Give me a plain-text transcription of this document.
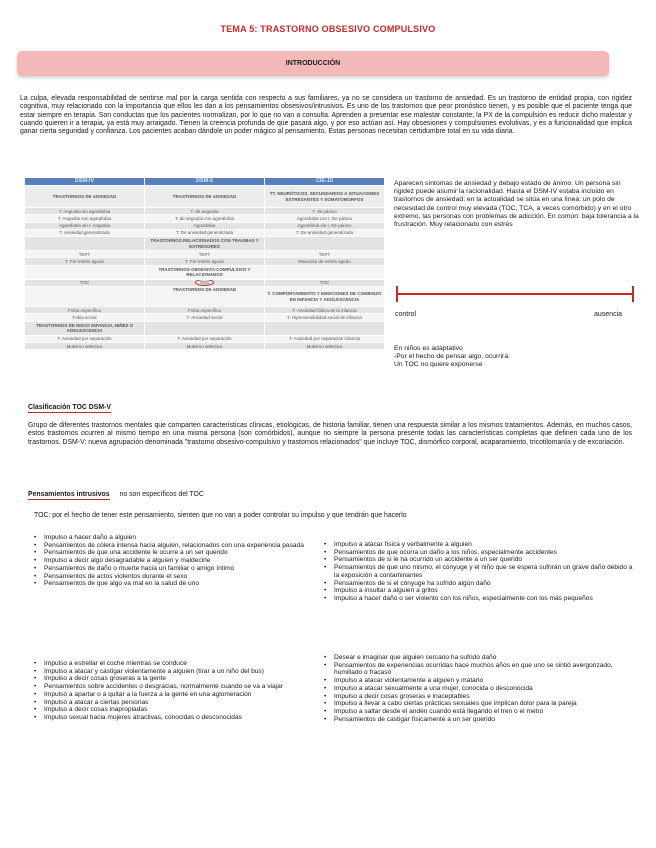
TEMA 5: TRASTORNO OBSESIVO COMPULSIVO
INTRODUCCIÓN
La culpa, elevada responsabilidad de sentirse mal por la carga sentida con respecto a sus familiares, ya no se considera un trastorno de ansiedad. Es un trastorno de entidad propia, con rigidez cognitiva, muy relacionado con la importancia que ellos les dan a los pensamientos obsesivos/intrusivos. Es uno de los trastornos que peor pronóstico tienen, y es posible que el paciente tenga que estar siempre en terapia. Son conductas que los pacientes normalizan, por lo que no van a consulta. Aprenden a presentar ese malestar constante; la PX de la compulsión es reducir dicho malestar y cuando quieren ir a terapia, ya está muy arraigado. Tienen la creencia profunda de que pasará algo, y por eso actúan así. Hay obsesiones y compulsiones evolutivas, y es a funcionalidad que implica ganar cierta seguridad y confianza. Los pacientes acaban dándole un poder mágico al pensamiento. Estas personas necesitan certidumbre total en su vida diaria.
DSM-IV	DSM-5	CIE-10
TRASTORNOS DE ANSIEDAD	TRASTORNOS DE ANSIEDAD	TT. NEURÓTICOS, SECUNDARIOS A SITUACIONES ESTRESANTES Y SOMATOMORFOS
T. Angustia sin agorafobia	T. de angustia	T. de pánico
T. Angustia con agorafobia	T. de angustia con agorafobia	Agorafobia con t. De pánico
Agorafobia sin t. Angustia	Agorafobia	Agorafobia sin t. De pánico
T. Ansiedad generalizada	T. De ansiedad generalizada	T. De ansiedad generalizada
	TRASTORNOS RELACIONADOS CON TRAUMAS Y ESTRESORES	
TEPT	TEPT	TEPT
T. Por estrés agudo	T. Por estrés agudo	Reacción de estrés agudo
	TRASTORNOS OBSESIVO-COMPULSIVO Y RELACIONADOS	
TOC	TOC	TOC
	TRASTORNOS DE ANSIEDAD	T. COMPORTAMIENTO Y EMOCIONES DE COMIENZO EN INFANCIA Y ADOLESCENCIA
Fobia específica	Fobia específica	T. Ansiedad fóbica de la infancia
Fobia social	T. Ansiedad social	T. Hipersensibilidad social de infancia
TRASTORNOS DE INICIO INFANCIA, NIÑEZ O ADOLESCENCIA		
T. Ansiedad por separación	T. Ansiedad por separación	T. Ansiedad por separación infancia
Mutismo selectivo	Mutismo selectivo	Mutismo selectivo
Aparecen síntomas de ansiedad y debajo estado de ánimo. Un persona sin rigidez puede asumir la racionalidad. Hasta el DSM-IV estaba incluido en trastornos de ansiedad; en la actualidad se sitúa en una línea: un polo de necesidad de control muy elevada (TOC, TCA, a veces comórbido) y en el otro extremo, las personas con problemas de adicción. En común: baja tolerancia a la frustración. Muy relacionado con estrés
control	ausencia
En niños es adaptativo
-Por el hecho de pensar algo, ocurrirá:
Un TOC no quiere exponerse
Clasificación TOC DSM-V
Grupo de diferentes trastornos mentales que comparten características clínicas, etiológicas, de historia familiar, tienen una respuesta similar a los mismos tratamientos. Además, en muchos casos, estos trastornos ocurren al mismo tiempo en una misma persona (son comórbidos), aunque no siempre la persona presente todas las características completas que definen cada uno de los trastornos. DSM-V: nueva agrupación denominada "trastorno obsesivo-compulsivo y trastornos relacionados" que incluye TOC, dismórfico corporal, acaparamiento, tricotilomanía y de excoriación.
Pensamientos intrusivos no son específicos del TOC
TOC: por el hecho de tener este pensamiento, sienten que no van a poder controlar su impulso y que tendrán que hacerlo
• Impulso a hacer daño a alguien
• Pensamientos de cólera intensa hacia alguien, relacionados con una experiencia pasada
• Pensamientos de que una accidente le ocurre a un ser querido
• Impulso a decir algo desagradable a alguien y maldecirle
• Pensamientos de daño o muerte hacia un familiar o amigo íntimo
• Pensamientos de actos violentos durante el sexo
• Pensamientos de que algo va mal en la salud de uno
• Impulso a atacar física y verbalmente a alguien
• Pensamientos de que ocurra un daño a los niños, especialmente accidentes
• Pensamientos de si le ha ocurrido un accidente a un ser querido
• Pensamientos de que uno mismo, el cónyuge y el niño que se espera sufrirán un grave daño debido a la exposición a contaminantes
• Pensamientos de si el cónyuge ha sufrido algún daño
• Impulso a insultar a alguien a gritos
• Impulso a hacer daño o ser violento con los niños, especialmente con los más pequeños
• Impulso a estrellar el coche mientras se conduce
• Impulso a atacar y castigar violentamente a alguien (tirar a un niño del bus)
• Impulso a decir cosas groseras a la gente
• Pensamientos sobre accidentes o desgracias, normalmente cuando se va a viajar
• Impulso a apartar o a quitar a la fuerza a la gente en una aglomeración
• Impulso a atacar a ciertas personas
• Impulso a decir cosas inapropiadas
• Impulso sexual hacia mujeres atractivas, conocidas o desconocidas
• Desear e imaginar que alguien cercano ha sufrido daño
• Pensamientos de experiencias ocurridas hace muchos años en que uno se sintió avergonzado, humillado o fracasó
• Impulso a atacar violentamente a alguien y matarlo
• Impulso a atacar sexualmente a una mujer, conocida o desconocida
• Impulso a decir cosas groseras e inaceptables
• Impulso a llevar a cabo ciertas prácticas sexuales que implican dolor para la pareja
• Impulso a saltar desde el andén cuando está llegando el tren o el metro
• Pensamientos de castigar físicamente a un ser querido
